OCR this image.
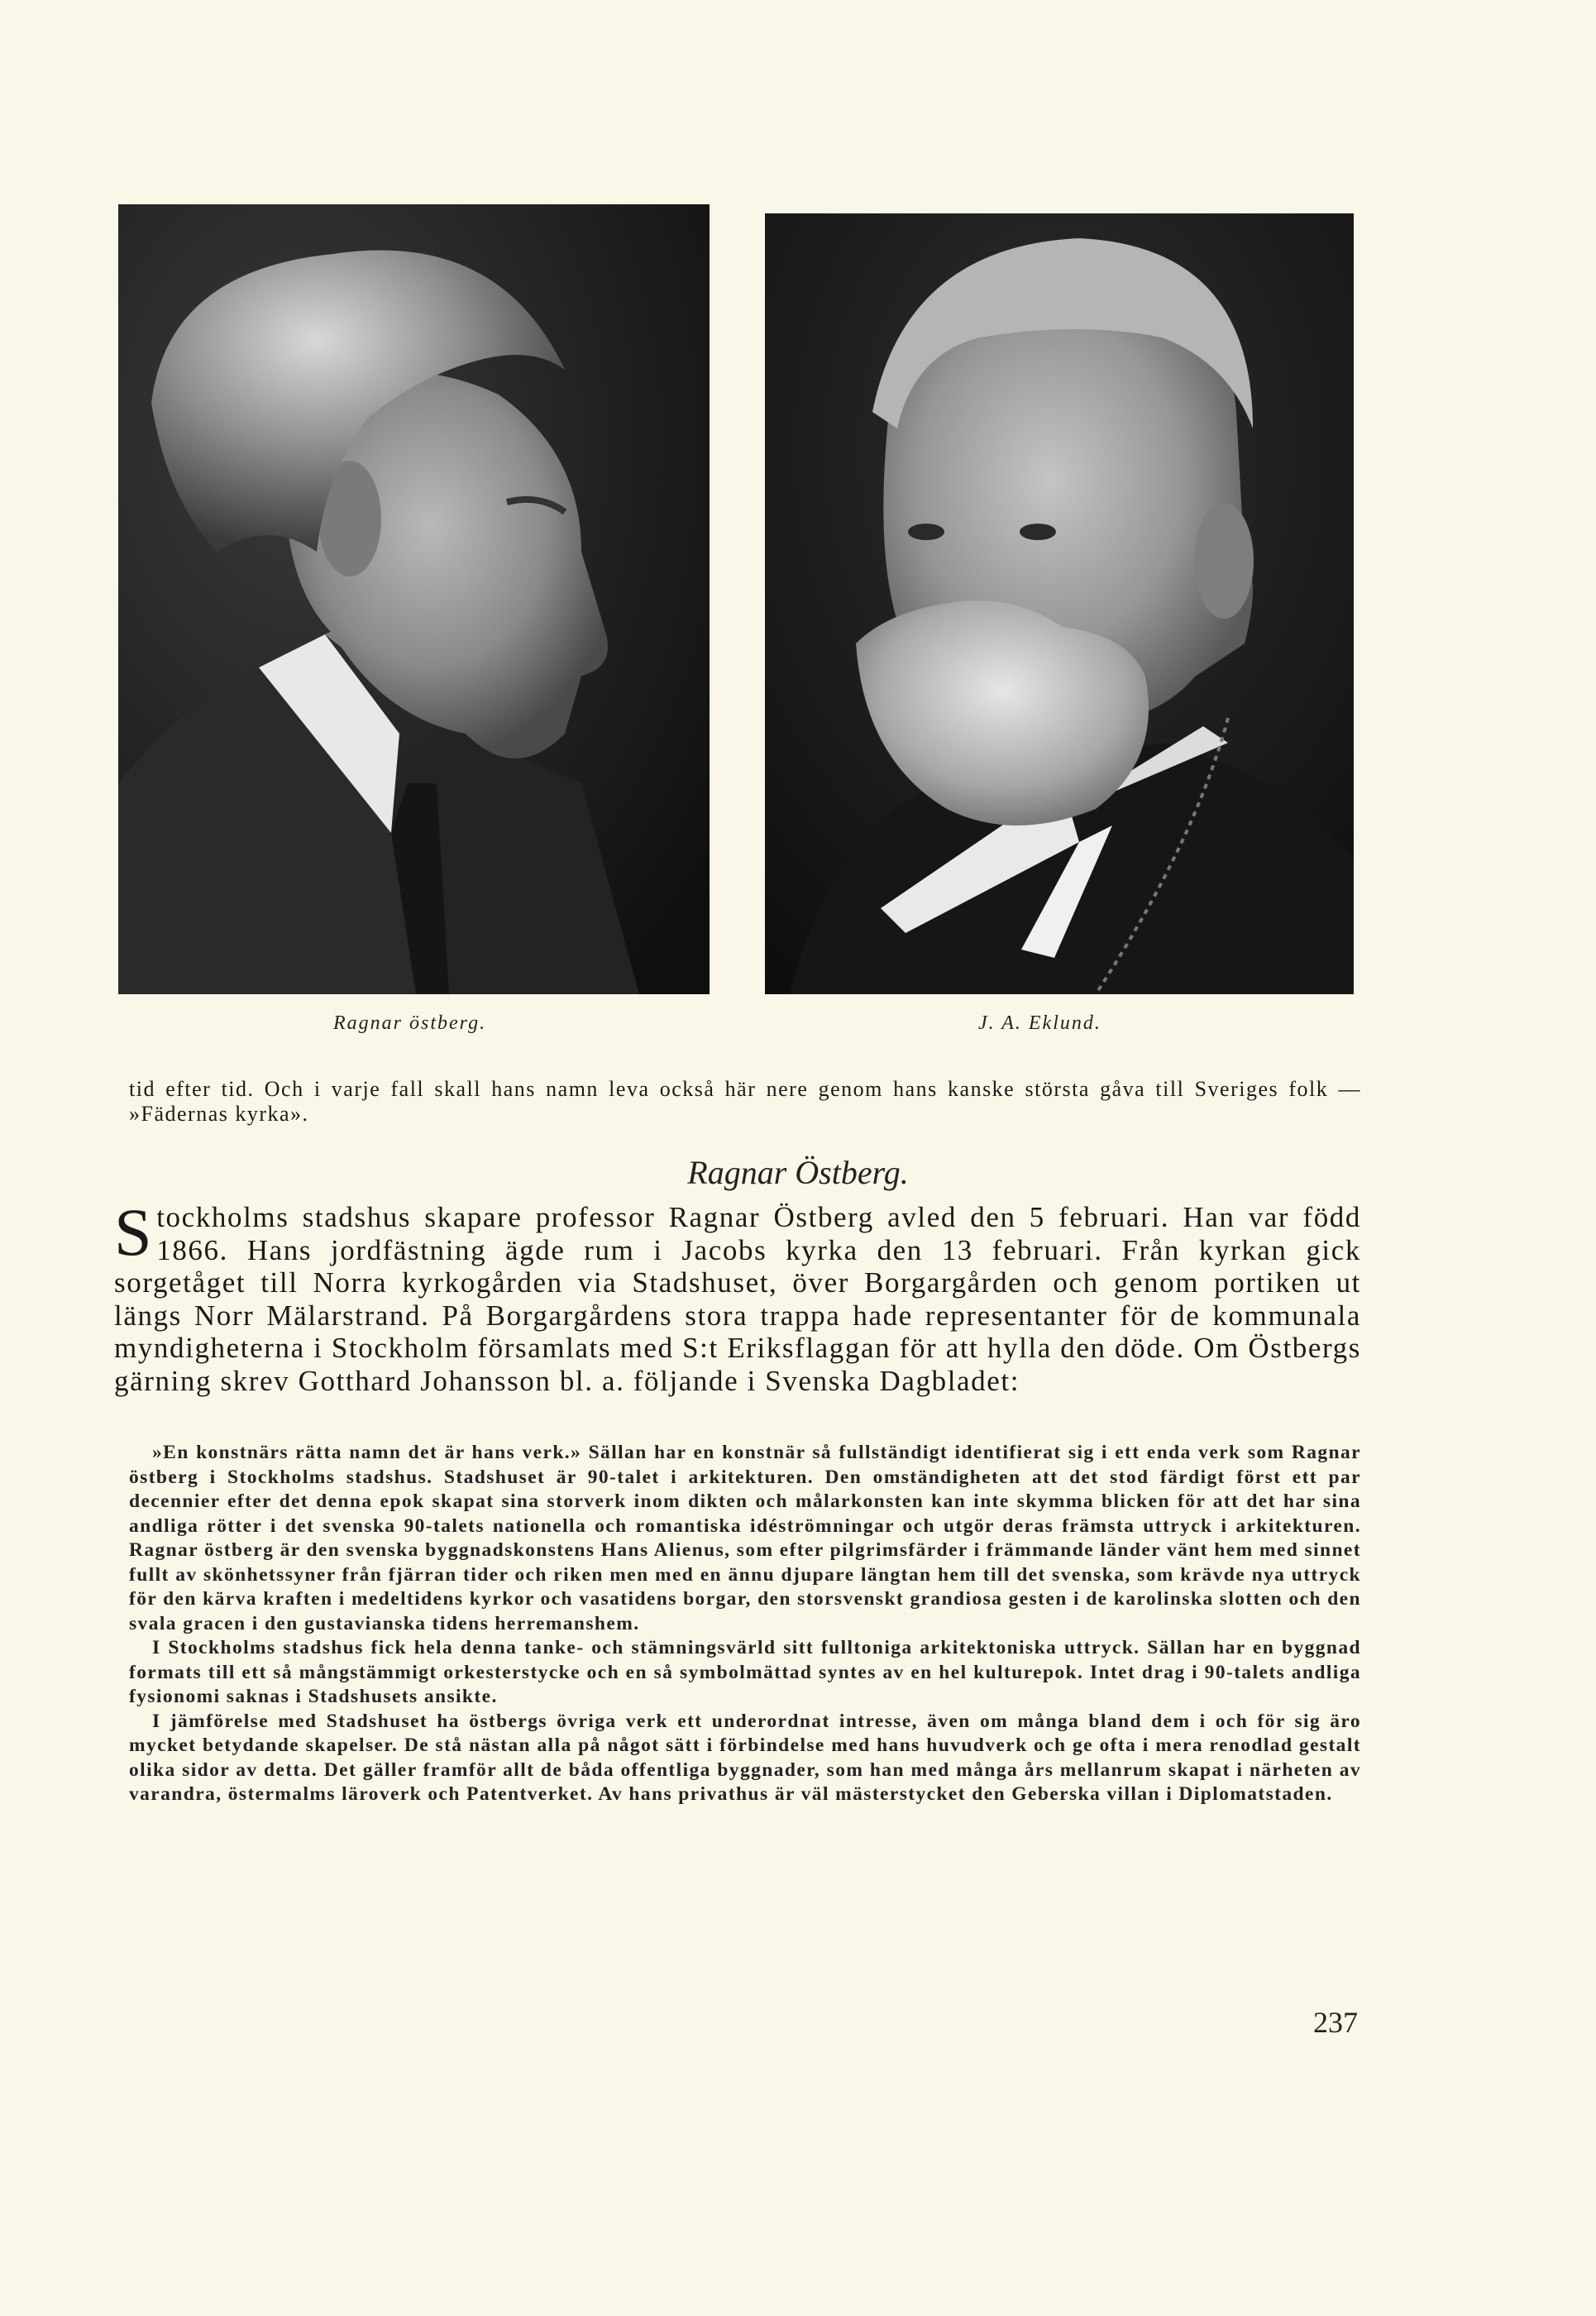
Ragnar östberg.	J. A. Eklund.

tid efter tid. Och i varje fall skall hans namn leva också här nere genom hans kanske största gåva till Sveriges folk — »Fädernas kyrka».

Ragnar Östberg.

Stockholms stadshus skapare professor Ragnar Östberg avled den 5 februari. Han var född 1866. Hans jordfästning ägde rum i Jacobs kyrka den 13 februari. Från kyrkan gick sorgetåget till Norra kyrkogården via Stadshuset, över Borgargården och genom portiken ut längs Norr Mälarstrand. På Borgargårdens stora trappa hade representanter för de kommunala myndigheterna i Stockholm församlats med S:t Eriksflaggan för att hylla den döde. Om Östbergs gärning skrev Gotthard Johansson bl. a. följande i Svenska Dagbladet:

»En konstnärs rätta namn det är hans verk.» Sällan har en konstnär så fullständigt identifierat sig i ett enda verk som Ragnar östberg i Stockholms stadshus. Stadshuset är 90-talet i arkitekturen. Den omständigheten att det stod färdigt först ett par decennier efter det denna epok skapat sina storverk inom dikten och målarkonsten kan inte skymma blicken för att det har sina andliga rötter i det svenska 90-talets nationella och romantiska idéströmningar och utgör deras främsta uttryck i arkitekturen. Ragnar östberg är den svenska byggnadskonstens Hans Alienus, som efter pilgrimsfärder i främmande länder vänt hem med sinnet fullt av skönhetssyner från fjärran tider och riken men med en ännu djupare längtan hem till det svenska, som krävde nya uttryck för den kärva kraften i medeltidens kyrkor och vasatidens borgar, den storsvenskt grandiosa gesten i de karolinska slotten och den svala gracen i den gustavianska tidens herremanshem.

I Stockholms stadshus fick hela denna tanke- och stämningsvärld sitt fulltoniga arkitektoniska uttryck. Sällan har en byggnad formats till ett så mångstämmigt orkesterstycke och en så symbolmättad syntes av en hel kulturepok. Intet drag i 90-talets andliga fysionomi saknas i Stadshusets ansikte.

I jämförelse med Stadshuset ha östbergs övriga verk ett underordnat intresse, även om många bland dem i och för sig äro mycket betydande skapelser. De stå nästan alla på något sätt i förbindelse med hans huvudverk och ge ofta i mera renodlad gestalt olika sidor av detta. Det gäller framför allt de båda offentliga byggnader, som han med många års mellanrum skapat i närheten av varandra, östermalms läroverk och Patentverket. Av hans privathus är väl mästerstycket den Geberska villan i Diplomatstaden.

237
